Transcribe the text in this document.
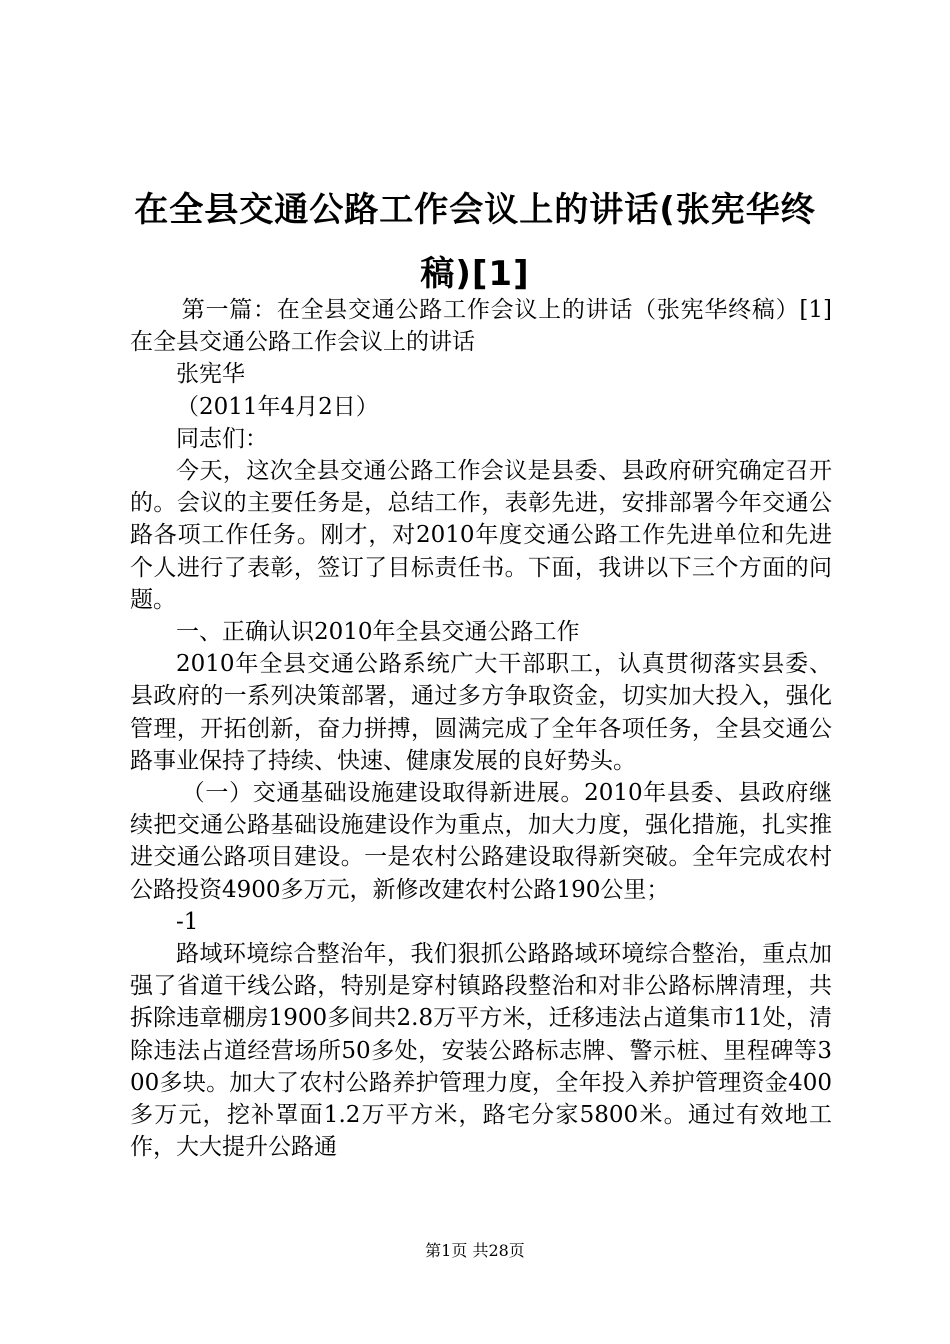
在全县交通公路工作会议上的讲话(张宪华终稿)[1]

第一篇：在全县交通公路工作会议上的讲话（张宪华终稿）[1]在全县交通公路工作会议上的讲话

张宪华

（2011年4月2日）

同志们：

今天，这次全县交通公路工作会议是县委、县政府研究确定召开的。会议的主要任务是，总结工作，表彰先进，安排部署今年交通公路各项工作任务。刚才，对2010年度交通公路工作先进单位和先进个人进行了表彰，签订了目标责任书。下面，我讲以下三个方面的问题。

一、正确认识2010年全县交通公路工作

2010年全县交通公路系统广大干部职工，认真贯彻落实县委、县政府的一系列决策部署，通过多方争取资金，切实加大投入，强化管理，开拓创新，奋力拼搏，圆满完成了全年各项任务，全县交通公路事业保持了持续、快速、健康发展的良好势头。

（一）交通基础设施建设取得新进展。2010年县委、县政府继续把交通公路基础设施建设作为重点，加大力度，强化措施，扎实推进交通公路项目建设。一是农村公路建设取得新突破。全年完成农村公路投资4900多万元，新修改建农村公路190公里；

-1

路域环境综合整治年，我们狠抓公路路域环境综合整治，重点加强了省道干线公路，特别是穿村镇路段整治和对非公路标牌清理，共拆除违章棚房1900多间共2.8万平方米，迁移违法占道集市11处，清除违法占道经营场所50多处，安装公路标志牌、警示桩、里程碑等300多块。加大了农村公路养护管理力度，全年投入养护管理资金400多万元，挖补罩面1.2万平方米，路宅分家5800米。通过有效地工作，大大提升公路通

第1页 共28页
